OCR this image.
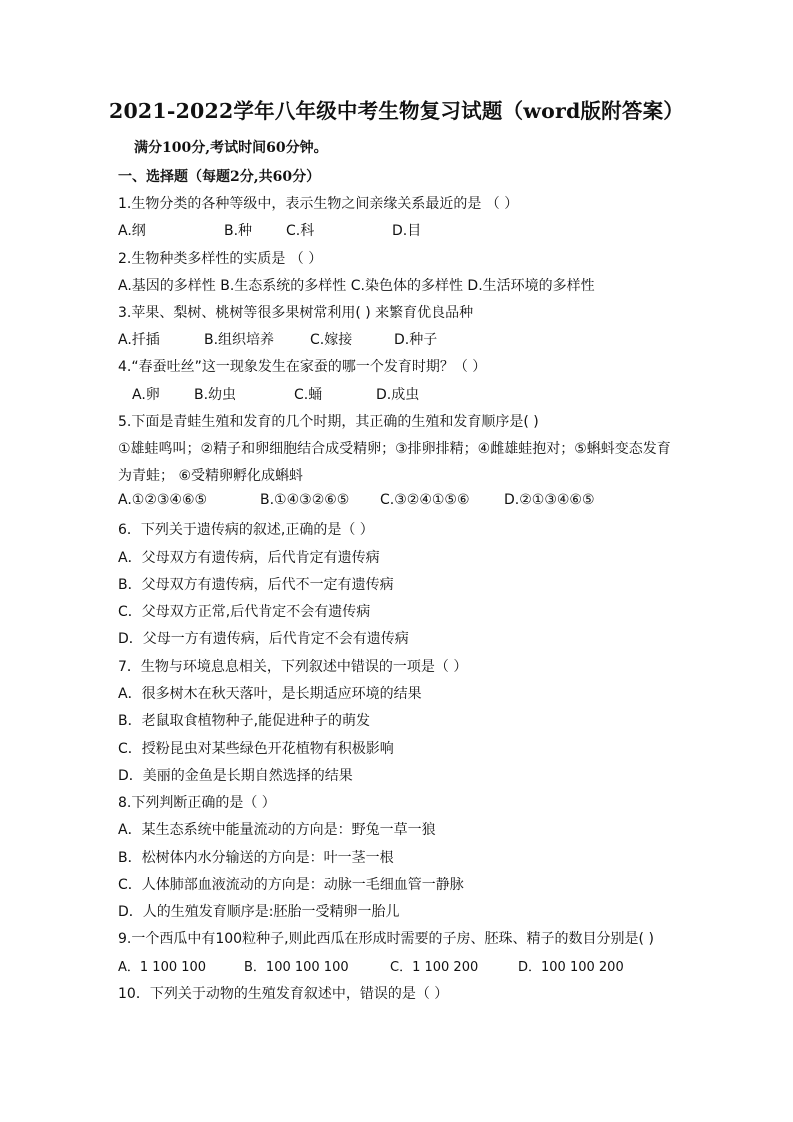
2021-2022学年八年级中考生物复习试题（word版附答案）
满分100分,考试时间60分钟。
一、选择题（每题2分,共60分）
1.生物分类的各种等级中，表示生物之间亲缘关系最近的是 （ ）
A.纲	B.种 C.科	D.目
2.生物种类多样性的实质是 （ ）
A.基因的多样性 B.生态系统的多样性 C.染色体的多样性 D.生活环境的多样性
3.苹果、梨树、桃树等很多果树常利用( ) 来繁育优良品种
A.扦插	B.组织培养	C.嫁接	D.种子
4.“春蚕吐丝”这一现象发生在家蚕的哪一个发育时期？（ ）
A.卵 B.幼虫	C.蛹	D.成虫
5.下面是青蛙生殖和发育的几个时期，其正确的生殖和发育顺序是( )
①雄蛙鸣叫；②精子和卵细胞结合成受精卵；③排卵排精；④雌雄蛙抱对；⑤蝌蚪变态发育
为青蛙； ⑥受精卵孵化成蝌蚪
A.①②③④⑥⑤	B.①④③②⑥⑤ C.③②④①⑤⑥ D.②①③④⑥⑤
6．下列关于遗传病的叙述,正确的是（ ）
A．父母双方有遗传病，后代肯定有遗传病
B．父母双方有遗传病，后代不一定有遗传病
C．父母双方正常,后代肯定不会有遗传病
D．父母一方有遗传病，后代肯定不会有遗传病
7．生物与环境息息相关，下列叙述中错误的一项是（ ）
A．很多树木在秋天落叶，是长期适应环境的结果
B．老鼠取食植物种子,能促进种子的萌发
C．授粉昆虫对某些绿色开花植物有积极影响
D．美丽的金鱼是长期自然选择的结果
8.下列判断正确的是（ ）
A．某生态系统中能量流动的方向是：野兔一草一狼
B．松树体内水分输送的方向是：叶一茎一根
C．人体肺部血液流动的方向是：动脉一毛细血管一静脉
D．人的生殖发育顺序是:胚胎一受精卵一胎儿
9.一个西瓜中有100粒种子,则此西瓜在形成时需要的子房、胚珠、精子的数目分别是( )
A．1 100 100	B．100 100 100	C．1 100 200	D．100 100 200
10．下列关于动物的生殖发育叙述中，错误的是（ ）
